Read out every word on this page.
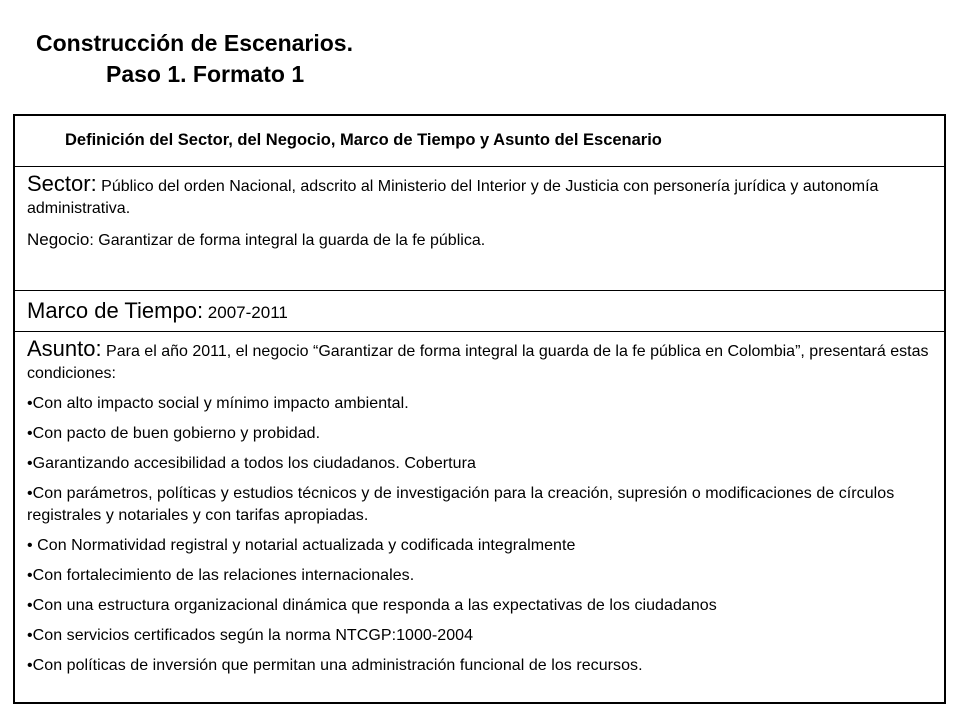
Construcción de Escenarios.
Paso 1. Formato 1
Definición del Sector, del Negocio, Marco de Tiempo y Asunto del Escenario

Sector: Público del orden Nacional, adscrito al Ministerio del Interior y de Justicia con personería jurídica y autonomía administrativa.

Negocio: Garantizar de forma integral la guarda de la fe pública.

Marco de Tiempo: 2007-2011

Asunto: Para el año 2011, el negocio “Garantizar de forma integral la guarda de la fe pública en Colombia”, presentará estas condiciones:

•Con alto impacto social y mínimo impacto ambiental.

•Con pacto de buen gobierno y probidad.

•Garantizando accesibilidad a todos los ciudadanos. Cobertura

•Con parámetros, políticas y estudios técnicos y de investigación para la creación, supresión o modificaciones de círculos registrales y notariales y con tarifas apropiadas.

• Con Normatividad registral y notarial actualizada y codificada integralmente

•Con fortalecimiento de las relaciones internacionales.

•Con una estructura organizacional dinámica que responda a las expectativas de los ciudadanos

•Con servicios certificados según la norma NTCGP:1000-2004

•Con políticas de inversión que permitan una administración funcional de los recursos.
